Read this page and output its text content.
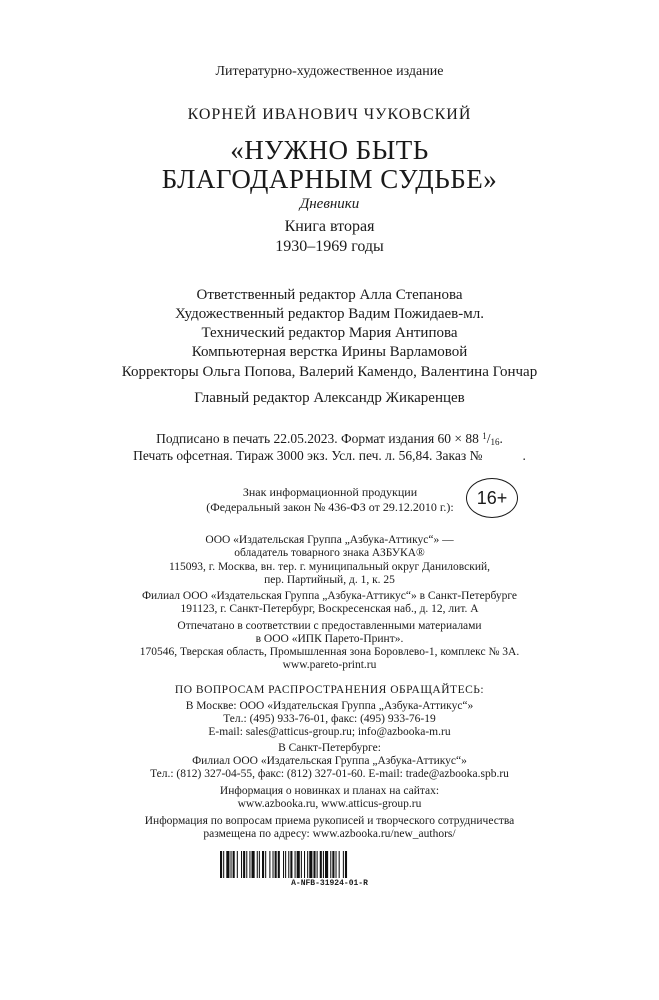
Литературно-художественное издание
КОРНЕЙ ИВАНОВИЧ ЧУКОВСКИЙ
«НУЖНО БЫТЬ
БЛАГОДАРНЫМ СУДЬБЕ»
Дневники
Книга вторая
1930–1969 годы
Ответственный редактор Алла Степанова
Художественный редактор Вадим Пожидаев-мл.
Технический редактор Мария Антипова
Компьютерная верстка Ирины Варламовой
Корректоры Ольга Попова, Валерий Камендо, Валентина Гончар
Главный редактор Александр Жикаренцев
Подписано в печать 22.05.2023. Формат издания 60 × 88 $^1/_{16}$.
Печать офсетная. Тираж 3000 экз. Усл. печ. л. 56,84. Заказ №	.
Знак информационной продукции
(Федеральный закон № 436-ФЗ от 29.12.2010 г.):	16+
ООО «Издательская Группа „Азбука-Аттикус“» —
обладатель товарного знака АЗБУКА®
115093, г. Москва, вн. тер. г. муниципальный округ Даниловский,
пер. Партийный, д. 1, к. 25
Филиал ООО «Издательская Группа „Азбука-Аттикус“» в Санкт-Петербурге
191123, г. Санкт-Петербург, Воскресенская наб., д. 12, лит. А
Отпечатано в соответствии с предоставленными материалами
в ООО «ИПК Парето-Принт».
170546, Тверская область, Промышленная зона Боровлево-1, комплекс № 3А.
www.pareto-print.ru
ПО ВОПРОСАМ РАСПРОСТРАНЕНИЯ ОБРАЩАЙТЕСЬ:
В Москве: ООО «Издательская Группа „Азбука-Аттикус“»
Тел.: (495) 933-76-01, факс: (495) 933-76-19
E-mail: sales@atticus-group.ru; info@azbooka-m.ru
В Санкт-Петербурге:
Филиал ООО «Издательская Группа „Азбука-Аттикус“»
Тел.: (812) 327-04-55, факс: (812) 327-01-60. E-mail: trade@azbooka.spb.ru
Информация о новинках и планах на сайтах:
www.azbooka.ru, www.atticus-group.ru
Информация по вопросам приема рукописей и творческого сотрудничества
размещена по адресу: www.azbooka.ru/new_authors/
A-NFB-31924-01-R
